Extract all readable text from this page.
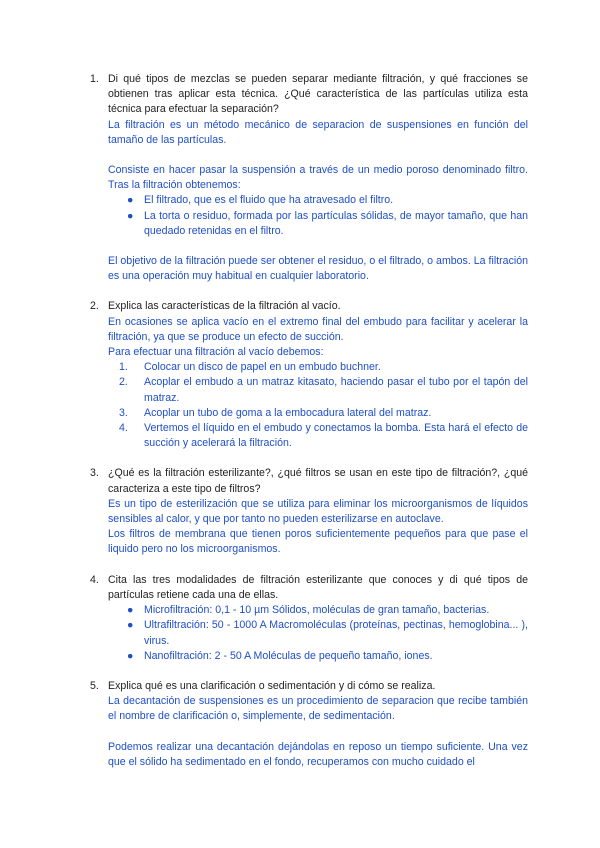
1. Di qué tipos de mezclas se pueden separar mediante filtración, y qué fracciones se obtienen tras aplicar esta técnica. ¿Qué característica de las partículas utiliza esta técnica para efectuar la separación?
La filtración es un método mecánico de separacion de suspensiones en función del tamaño de las partículas.
Consiste en hacer pasar la suspensión a través de un medio poroso denominado filtro. Tras la filtración obtenemos:
● El filtrado, que es el fluido que ha atravesado el filtro.
● La torta o residuo, formada por las partículas sólidas, de mayor tamaño, que han quedado retenidas en el filtro.
El objetivo de la filtración puede ser obtener el residuo, o el filtrado, o ambos. La filtración es una operación muy habitual en cualquier laboratorio.
2. Explica las características de la filtración al vacío.
En ocasiones se aplica vacío en el extremo final del embudo para facilitar y acelerar la filtración, ya que se produce un efecto de succión.
Para efectuar una filtración al vacío debemos:
1. Colocar un disco de papel en un embudo buchner.
2. Acoplar el embudo a un matraz kitasato, haciendo pasar el tubo por el tapón del matraz.
3. Acoplar un tubo de goma a la embocadura lateral del matraz.
4. Vertemos el líquido en el embudo y conectamos la bomba. Esta hará el efecto de succión y acelerará la filtración.
3. ¿Qué es la filtración esterilizante?, ¿qué filtros se usan en este tipo de filtración?, ¿qué caracteriza a este tipo de filtros?
Es un tipo de esterilización que se utiliza para eliminar los microorganismos de líquidos sensibles al calor, y que por tanto no pueden esterilizarse en autoclave.
Los filtros de membrana que tienen poros suficientemente pequeños para que pase el liquido pero no los microorganismos.
4. Cita las tres modalidades de filtración esterilizante que conoces y di qué tipos de partículas retiene cada una de ellas.
● Microfiltración: 0,1 - 10 µm Sólidos, moléculas de gran tamaño, bacterias.
● Ultrafiltración: 50 - 1000 A Macromoléculas (proteínas, pectinas, hemoglobina... ), virus.
● Nanofiltración: 2 - 50 A Moléculas de pequeño tamaño, iones.
5. Explica qué es una clarificación o sedimentación y di cómo se realiza.
La decantación de suspensiones es un procedimiento de separacion que recibe también el nombre de clarificación o, simplemente, de sedimentación.
Podemos realizar una decantación dejándolas en reposo un tiempo suficiente. Una vez que el sólido ha sedimentado en el fondo, recuperamos con mucho cuidado el
